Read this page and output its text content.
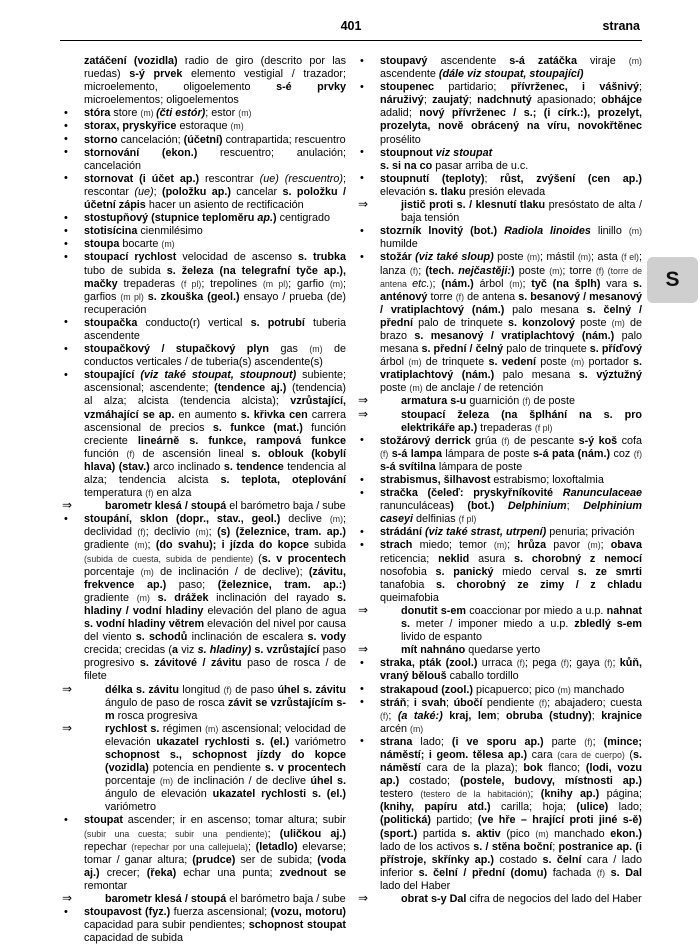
401	strana
zatáčení (vozidla) radio de giro (descrito por las ruedas) s-ý prvek elemento vestigial / trazador; microelemento, oligoelemento s-é prvky microelementos; oligoelementos
• stóra store (m) (čti estór); estor (m)
• storax, pryskyřice estoraque (m)
• storno cancelación; (účetní) contrapartida; rescuentro
• stornování (ekon.) rescuentro; anulación; cancelación
• stornovat (i účet ap.) rescontrar (ue) (rescuentro); rescontar (ue); (položku ap.) cancelar s. položku / účetní zápis hacer un asiento de rectificación
• stostupňový (stupnice teploměru ap.) centigrado
• stotisícina cienmilésimo
• stoupa bocarte (m)
• stoupací rychlost velocidad de ascenso s. trubka tubo de subida s. železa (na telegrafní tyče ap.), mačky trepaderas (f pl); trepolines (m pl); garfio (m); garfios (m pl) s. zkouška (geol.) ensayo / prueba (de) recuperación
• stoupačka conducto(r) vertical s. potrubí tuberia ascendente
• stoupačkový / stupačkový plyn gas (m) de conductos verticales / de tuberia(s) ascendente(s)
• stoupající (viz také stoupat, stoupnout) subiente; ascensional; ascendente; (tendence aj.) (tendencia) al alza; alcista (tendencia alcista); vzrůstající, vzmáhající se ap. en aumento s. křivka cen carrera ascensional de precios s. funkce (mat.) función creciente lineárně s. funkce, rampová funkce función (f) de ascensión lineal s. oblouk (kobylí hlava) (stav.) arco inclinado s. tendence tendencia al alza; tendencia alcista s. teplota, oteplování temperatura (f) en alza
⇒	barometr klesá / stoupá el barómetro baja / sube
• stoupání, sklon (dopr., stav., geol.) declive (m); declividad (f); declivio (m); (s) (železnice, tram. ap.) gradiente (m); (do svahu); i jízda do kopce subida (subida de cuesta, subida de pendiente) (s. v procentech porcentaje (m) de inclinación / de declive); (závitu, frekvence ap.) paso; (železnice, tram. ap.:) gradiente (m) s. drážek inclinación del rayado s. hladiny / vodní hladiny elevación del plano de agua s. vodní hladiny větrem elevación del nivel por causa del viento s. schodů inclinación de escalera s. vody crecida; crecidas (a viz s. hladiny) s. vzrůstající paso progresivo s. závitové / závitu paso de rosca / de filete
⇒	délka s. závitu longitud (f) de paso úhel s. závitu ángulo de paso de rosca závit se vzrůstajícím s-m rosca progresiva
⇒	rychlost s. régimen (m) ascensional; velocidad de elevación ukazatel rychlosti s. (el.) variómetro schopnost s., schopnost jízdy do kopce (vozidla) potencia en pendiente s. v procentech porcentaje (m) de inclinación / de declive úhel s. ángulo de elevación ukazatel rychlosti s. (el.) variómetro
• stoupat ascender; ir en ascenso; tomar altura; subir (subir una cuesta; subir una pendiente); (uličkou aj.) repechar (repechar por una callejuela); (letadlo) elevarse; tomar / ganar altura; (prudce) ser de subida; (voda aj.) crecer; (řeka) echar una punta; zvednout se remontar
⇒	barometr klesá / stoupá el barómetro baja / sube
• stoupavost (fyz.) fuerza ascensional; (vozu, motoru) capacidad para subir pendientes; schopnost stoupat capacidad de subida
• stoupavý ascendente s-á zatáčka viraje (m) ascendente (dále viz stoupat, stoupající)
• stoupenec partidario; přívrženec, i vášnivý; náruživý; zaujatý; nadchnutý apasionado; obhájce adalid; nový přívrženec / s.; (i círk.:), prozelyt, prozelyta, nově obrácený na víru, novokřtěnec prosélito
• stoupnout viz stoupat
s. si na co pasar arriba de u.c.
• stoupnutí (teploty); růst, zvýšení (cen ap.) elevación s. tlaku presión elevada
⇒	jistič proti s. / klesnutí tlaku presóstato de alta / baja tensión
• stozrník lnovitý (bot.) Radiola linoides linillo (m) humilde
• stožár (viz také sloup) poste (m); mástil (m); asta (f el); lanza (f); (tech. nejčastěji:) poste (m); torre (f) (torre de antena etc.); (nám.) árbol (m); tyč (na šplh) vara s. anténový torre (f) de antena s. besanový / mesanový / vratiplachtový (nám.) palo mesana s. čelný / přední palo de trinquete s. konzolový poste (m) de brazo s. mesanový / vratiplachtový (nám.) palo mesana s. přední / čelný palo de trinquete s. příďový árbol (m) de trinquete s. vedení poste (m) portador s. vratiplachtový (nám.) palo mesana s. výztužný poste (m) de anclaje / de retención
⇒	armatura s-u guarnición (f) de poste
⇒	stoupací železa (na šplhání na s. pro elektrikáře ap.) trepaderas (f pl)
• stožárový derrick grúa (f) de pescante s-ý koš cofa (f) s-á lampa lámpara de poste s-á pata (nám.) coz (f) s-á svítilna lámpara de poste
• strabismus, šilhavost estrabismo; loxoftalmia
• stračka (čeleď: pryskyřníkovité Ranunculaceae ranunculáceas) (bot.) Delphinium; Delphinium caseyi delfinias (f pl)
• strádání (viz také strast, utrpení) penuria; privación
• strach miedo; temor (m); hrůza pavor (m); obava reticencia; neklid asura s. chorobný z nemocí nosofobia s. panický miedo cerval s. ze smrti tanafobia s. chorobný ze zimy / z chladu queimafobia
⇒	donutit s-em coaccionar por miedo a u.p. nahnat s. meter / imponer miedo a u.p. zbledlý s-em livido de espanto
⇒	mít nahnáno quedarse yerto
• straka, pták (zool.) urraca (f); pega (f); gaya (f); kůň, vraný bělouš caballo tordillo
• strakapoud (zool.) picapuerco; pico (m) manchado
• stráň; i svah; úbočí pendiente (f); abajadero; cuesta (f); (a také:) kraj, lem; obruba (studny); krajnice arcén (m)
• strana lado; (i ve sporu ap.) parte (f); (mince; náměstí; i geom. tělesa ap.) cara (cara de cuerpo) (s. náměstí cara de la plaza); bok flanco; (lodi, vozu ap.) costado; (postele, budovy, místnosti ap.) testero (testero de la habitación); (knihy ap.) página; (knihy, papíru atd.) carilla; hoja; (ulice) lado; (politická) partido; (ve hře – hrající proti jiné s-ě) (sport.) partida s. aktiv (pico (m) manchado ekon.) lado de los activos s. / stěna boční; postranice ap. (i přístroje, skřínky ap.) costado s. čelní cara / lado inferior s. čelní / přední (domu) fachada (f) s. Dal lado del Haber
⇒	obrat s-y Dal cifra de negocios del lado del Haber
S
